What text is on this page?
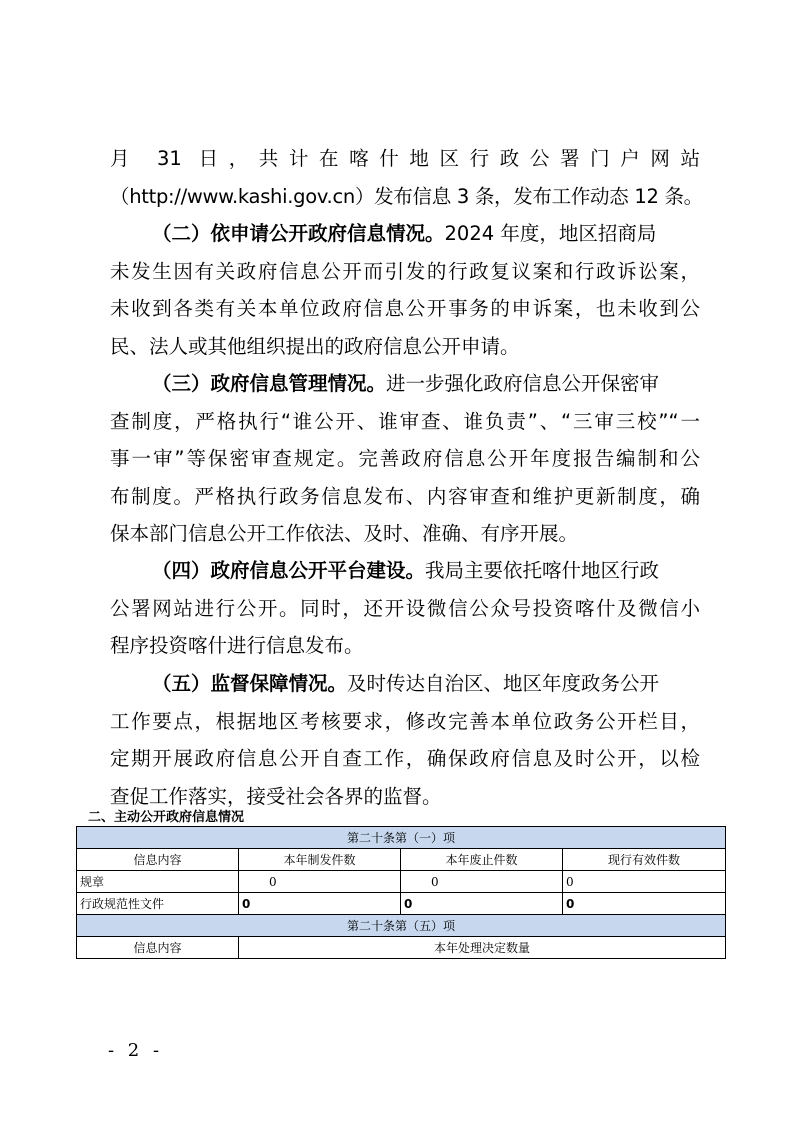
月 31 日，共计在喀什地区行政公署门户网站
（http://www.kashi.gov.cn）发布信息 3 条，发布工作动态 12 条。
（二）依申请公开政府信息情况。2024 年度，地区招商局
未发生因有关政府信息公开而引发的行政复议案和行政诉讼案，
未收到各类有关本单位政府信息公开事务的申诉案，也未收到公
民、法人或其他组织提出的政府信息公开申请。
（三）政府信息管理情况。进一步强化政府信息公开保密审
查制度，严格执行“谁公开、谁审查、谁负责”、“三审三校”“一
事一审”等保密审查规定。完善政府信息公开年度报告编制和公
布制度。严格执行政务信息发布、内容审查和维护更新制度，确
保本部门信息公开工作依法、及时、准确、有序开展。
（四）政府信息公开平台建设。我局主要依托喀什地区行政
公署网站进行公开。同时，还开设微信公众号投资喀什及微信小
程序投资喀什进行信息发布。
（五）监督保障情况。及时传达自治区、地区年度政务公开
工作要点，根据地区考核要求，修改完善本单位政务公开栏目，
定期开展政府信息公开自查工作，确保政府信息及时公开，以检
查促工作落实，接受社会各界的监督。
二、主动公开政府信息情况
第二十条第（一）项			
信息内容	本年制发件数	本年废止件数	现行有效件数
规章	0	0	0
行政规范性文件	0	0	0
第二十条第（五）项			
信息内容	本年处理决定数量		
- 2 -
